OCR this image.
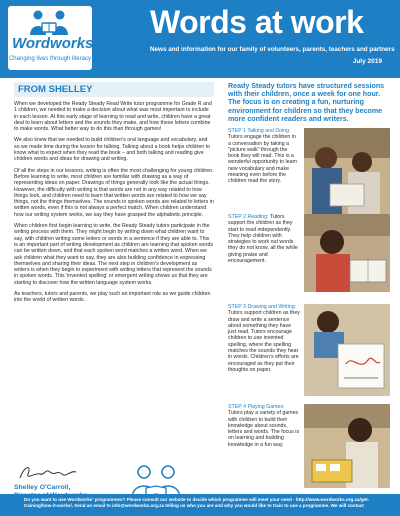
Wordworks
Changing lives through literacy
Words at work
News and information for our family of volunteers, parents, teachers and partners
July 2019
FROM SHELLEY

When we developed the Ready Steady Read Write tutor programme for Grade R and 1 children, we needed to make a decision about what was most important to include in each lesson. At this early stage of learning to read and write, children have a great deal to learn about letters and the sounds they make, and how these letters combine to make words. What better way to do this than through games!

We also knew that we needed to build children's oral language and vocabulary, and so we made time during the lesson for talking. Talking about a book helps children to know what to expect when they read the book – and both talking and reading give children words and ideas for drawing and writing.

Of all the steps in our lessons, writing is often the most challenging for young children. Before learning to write, most children are familiar with drawing as a way of representing ideas on paper. Drawings of things generally look like the actual things. However, the difficulty with writing is that words are not in any way related to how things look, and children need to learn that written words are related to how we say things, not the things themselves. The sounds in spoken words are related to letters in written words, even if this is not always a perfect match. When children understand how our writing system works, we say they have grasped the alphabetic principle.

When children first begin learning to write, the Ready Steady tutors participate in the writing process with them. They might begin by writing down what children want to say, with children writing some letters or words in a sentence if they are able to. This is an important part of writing development as children are learning that spoken words can be written down, and that each spoken word matches a written word. When we ask children what they want to say, they are also building confidence in expressing themselves and sharing their ideas. The next step in children's development as writers is when they begin to experiment with writing letters that represent the sounds in spoken words. This 'invented spelling' or emergent writing shows us that they are starting to discover how the written language system works.

As teachers, tutors and parents, we play such an important role as we guide children into the world of written words.

Shelley O'Carroll,

Ready Steady tutors have structured sessions with their children, once a week for one hour. The focus is on creating a fun, nurturing environment for children so that they become more confident readers and writers.

STEP 1 Talking and Doing: Tutors engage the children in a conversation by taking a "picture walk" through the book they will read. This is a wonderful opportunity to learn new vocabulary and make meaning even before the children read the story.
STEP 2 Reading: Tutors support the children as they start to read independently. They help children with strategies to work out words they do not know, all the while giving praise and encouragement.
STEP 3 Drawing and Writing: Tutors support children as they draw and write a sentence about something they have just read. Tutors encourage children to use invented spelling, where the spelling matches the sounds they hear in words. Children's efforts are encouraged as they put their thoughts on paper.
STEP 4 Playing Games: Tutors play a variety of games with children to build their knowledge about sounds, letters and words. The focus is on learning and building knowledge in a fun way.
Do you want to use Wordworks' programmes? Please consult our website to decide which programme will meet your need - http://www.wordworks.org.za/get-training/how-it-works/. Send an email to info@wordworks.org.za telling us who you are and why you would like to train to use a programme. We will contact
